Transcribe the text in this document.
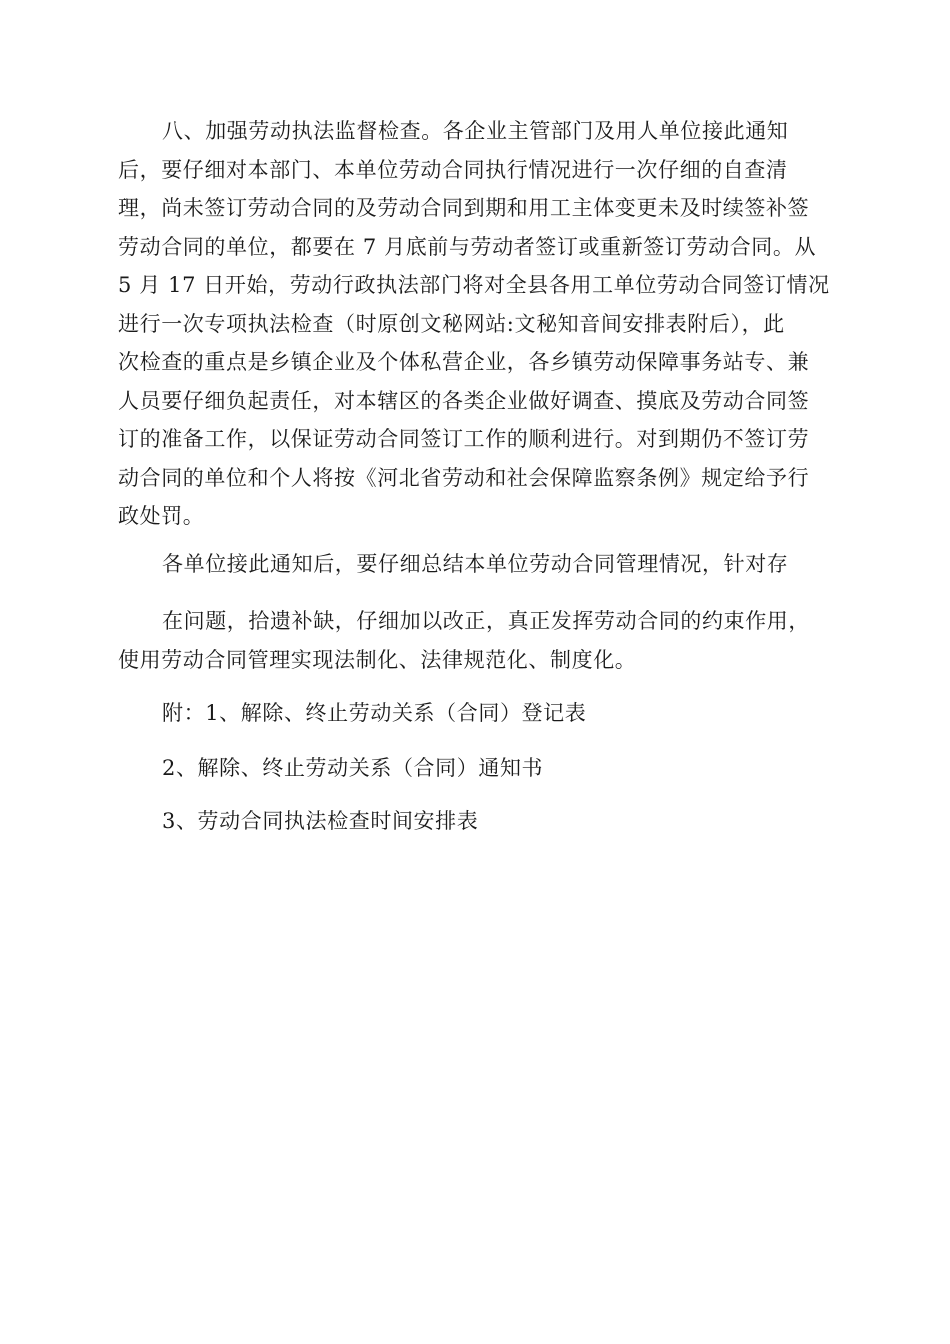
八、加强劳动执法监督检查。各企业主管部门及用人单位接此通知
后，要仔细对本部门、本单位劳动合同执行情况进行一次仔细的自查清
理，尚未签订劳动合同的及劳动合同到期和用工主体变更未及时续签补签
劳动合同的单位，都要在 7 月底前与劳动者签订或重新签订劳动合同。从
5 月 17 日开始，劳动行政执法部门将对全县各用工单位劳动合同签订情况
进行一次专项执法检查（时原创文秘网站:文秘知音间安排表附后），此
次检查的重点是乡镇企业及个体私营企业，各乡镇劳动保障事务站专、兼
人员要仔细负起责任，对本辖区的各类企业做好调查、摸底及劳动合同签
订的准备工作，以保证劳动合同签订工作的顺利进行。对到期仍不签订劳
动合同的单位和个人将按《河北省劳动和社会保障监察条例》规定给予行
政处罚。
各单位接此通知后，要仔细总结本单位劳动合同管理情况，针对存
在问题，拾遗补缺，仔细加以改正，真正发挥劳动合同的约束作用，
使用劳动合同管理实现法制化、法律规范化、制度化。
附：1、解除、终止劳动关系（合同）登记表
2、解除、终止劳动关系（合同）通知书
3、劳动合同执法检查时间安排表
